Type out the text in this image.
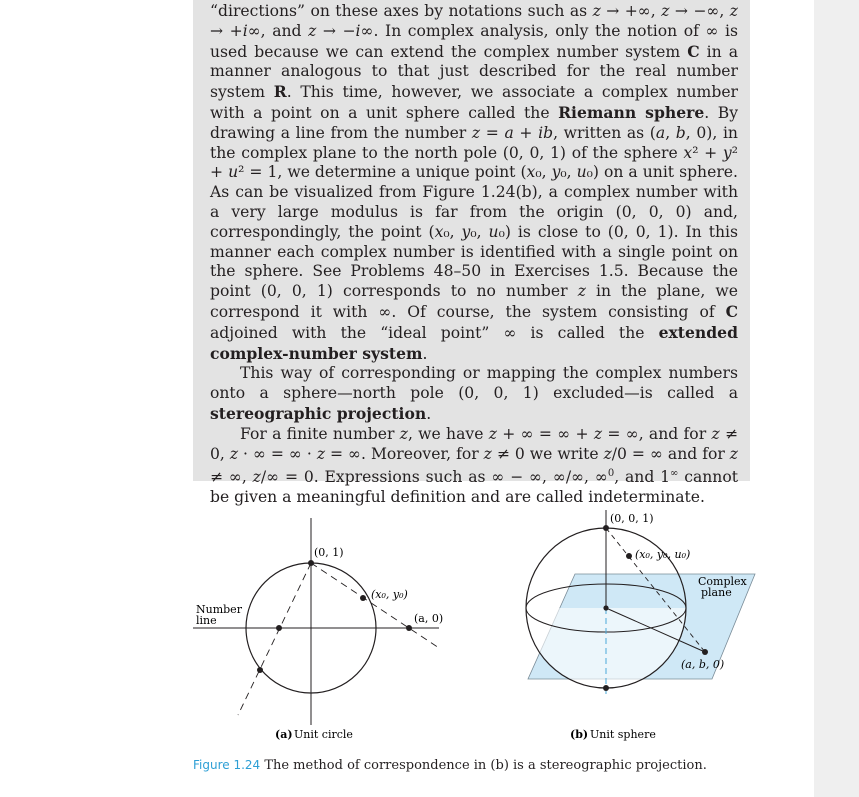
“directions” on these axes by notations such as z → +∞, z → −∞, z → +i∞, and z → −i∞. In complex analysis, only the notion of ∞ is used because we can extend the complex number system C in a manner analogous to that just described for the real number system R. This time, however, we associate a complex number with a point on a unit sphere called the Riemann sphere. By drawing a line from the number z = a + ib, written as (a, b, 0), in the complex plane to the north pole (0, 0, 1) of the sphere x² + y² + u² = 1, we determine a unique point (x₀, y₀, u₀) on a unit sphere. As can be visualized from Figure 1.24(b), a complex number with a very large modulus is far from the origin (0, 0, 0) and, correspondingly, the point (x₀, y₀, u₀) is close to (0, 0, 1). In this manner each complex number is identified with a single point on the sphere. See Problems 48–50 in Exercises 1.5. Because the point (0, 0, 1) corresponds to no number z in the plane, we correspond it with ∞. Of course, the system consisting of C adjoined with the “ideal point” ∞ is called the extended complex-number system.

This way of corresponding or mapping the complex numbers onto a sphere—north pole (0, 0, 1) excluded—is called a stereographic projection.

For a finite number z, we have z + ∞ = ∞ + z = ∞, and for z ≠ 0, z · ∞ = ∞ · z = ∞. Moreover, for z ≠ 0 we write z/0 = ∞ and for z ≠ ∞, z/∞ = 0. Expressions such as ∞ − ∞, ∞/∞, ∞$^0$, and 1∞ cannot be given a meaningful definition and are called indeterminate.

(0, 1)
(x₀, y₀)
(a, 0)
Number
line
(0, 0, 1)
(x₀, y₀, u₀)
Complex
plane
(a, b, 0)
(a) Unit circle	(b) Unit sphere
Figure 1.24 The method of correspondence in (b) is a stereographic projection.
